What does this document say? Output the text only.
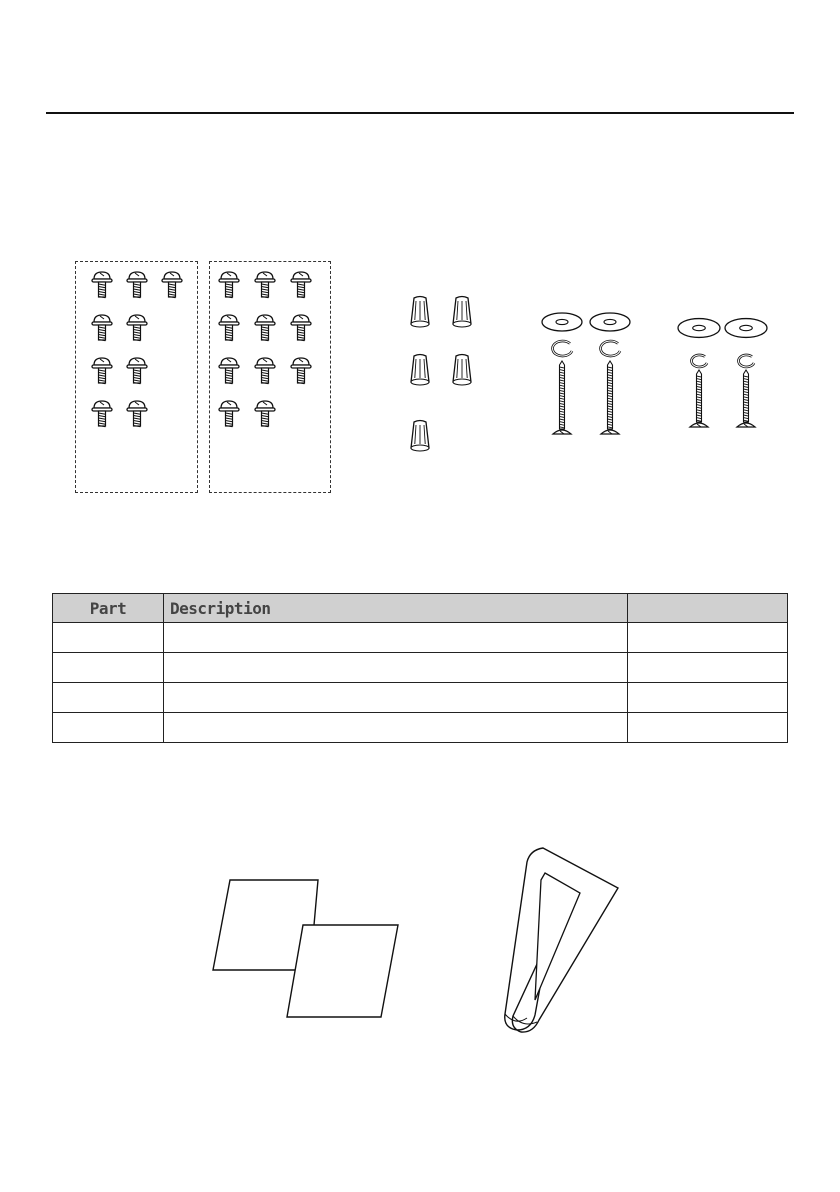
Part	Description	
